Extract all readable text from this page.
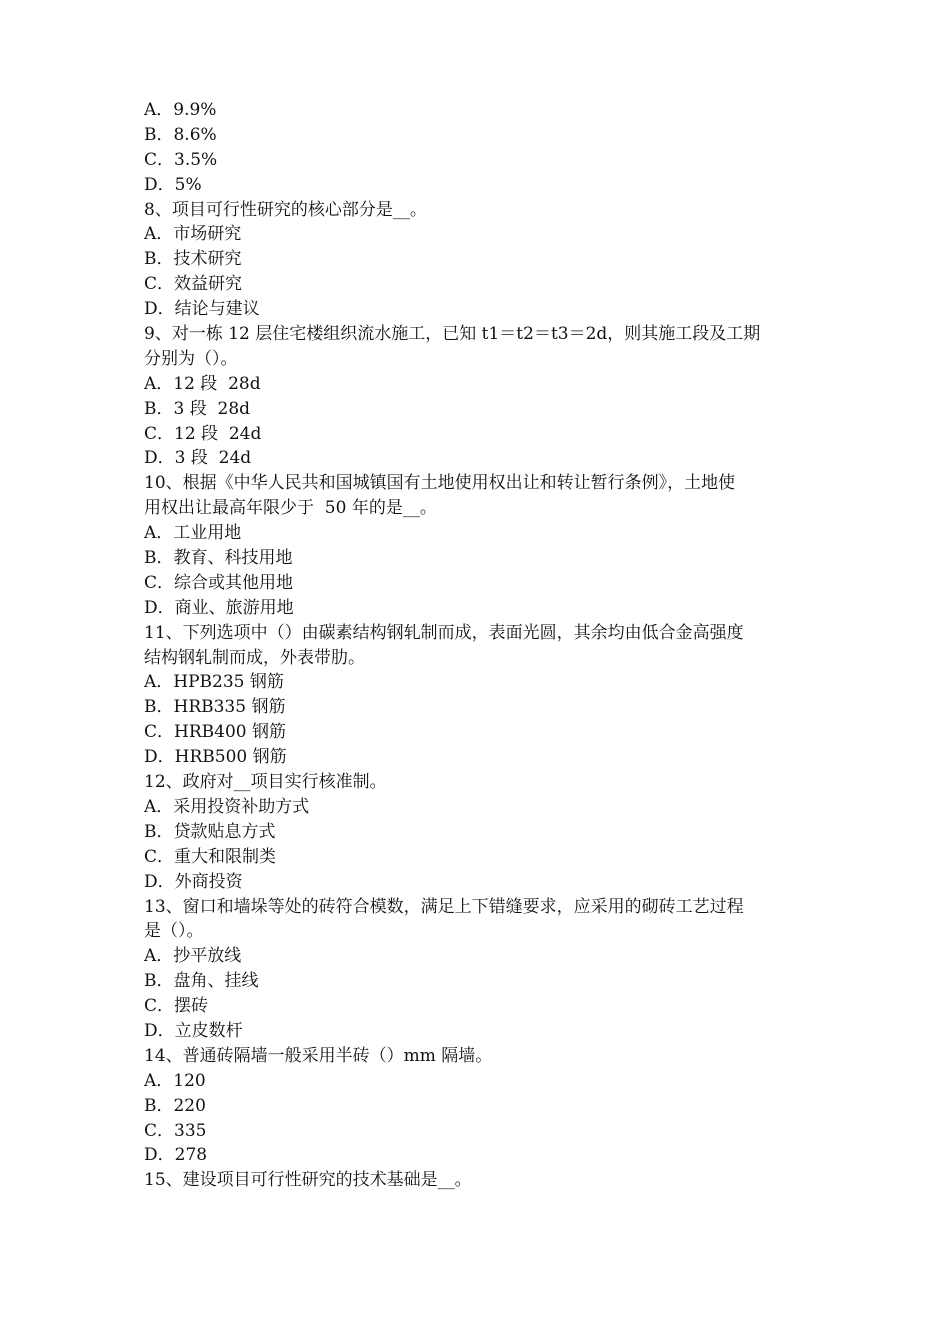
A．9.9%
B．8.6%
C．3.5%
D．5%
8、项目可行性研究的核心部分是__。
A．市场研究
B．技术研究
C．效益研究
D．结论与建议
9、对一栋 12 层住宅楼组织流水施工，已知 t1＝t2＝t3＝2d，则其施工段及工期
分别为（）。
A．12 段  28d
B．3 段  28d
C．12 段  24d
D．3 段  24d
10、根据《中华人民共和国城镇国有土地使用权出让和转让暂行条例》，土地使
用权出让最高年限少于  50 年的是__。
A．工业用地
B．教育、科技用地
C．综合或其他用地
D．商业、旅游用地
11、下列选项中（）由碳素结构钢轧制而成，表面光圆，其余均由低合金高强度
结构钢轧制而成，外表带肋。
A．HPB235 钢筋
B．HRB335 钢筋
C．HRB400 钢筋
D．HRB500 钢筋
12、政府对__项目实行核准制。
A．采用投资补助方式
B．贷款贴息方式
C．重大和限制类
D．外商投资
13、窗口和墙垛等处的砖符合模数，满足上下错缝要求，应采用的砌砖工艺过程
是（）。
A．抄平放线
B．盘角、挂线
C．摆砖
D．立皮数杆
14、普通砖隔墙一般采用半砖（）mm 隔墙。
A．120
B．220
C．335
D．278
15、建设项目可行性研究的技术基础是__。
